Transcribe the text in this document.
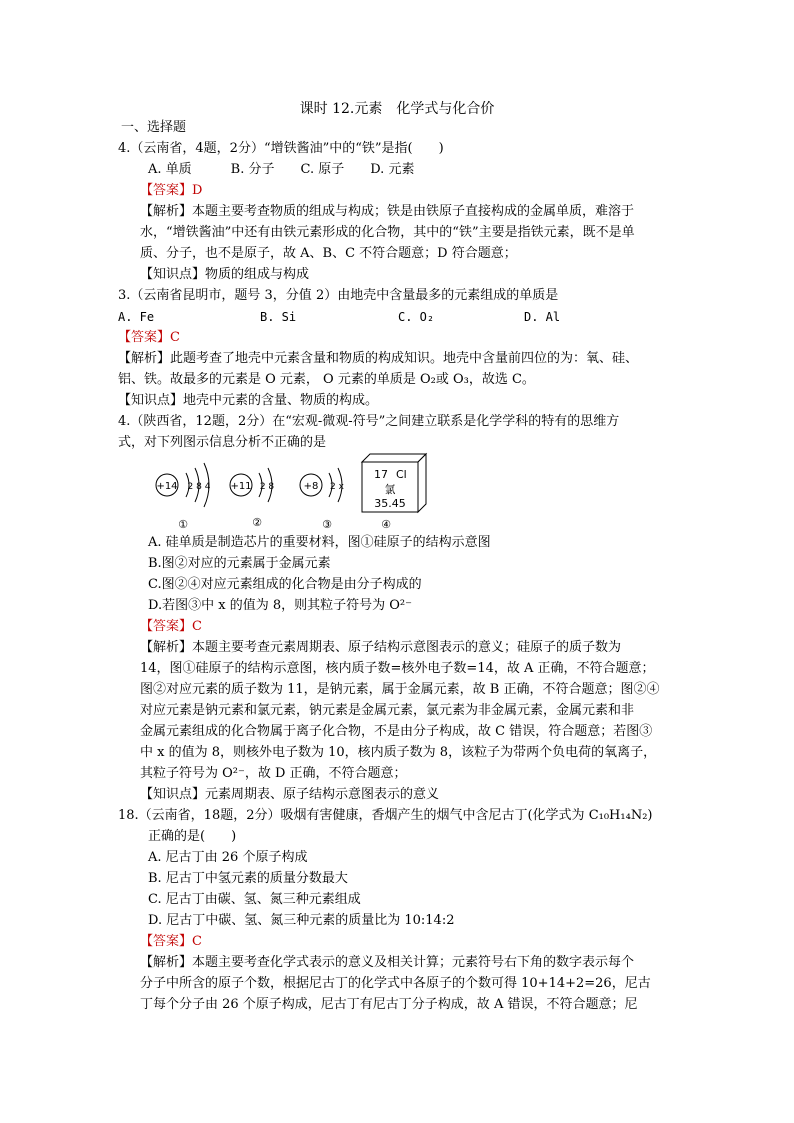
课时 12.元素　化学式与化合价
一、选择题
4.（云南省，4题，2分）“增铁酱油”中的“铁”是指(　　)
A. 单质　　　B. 分子　　C. 原子　　D. 元素
【答案】D
【解析】本题主要考查物质的组成与构成；铁是由铁原子直接构成的金属单质，难溶于
水，“增铁酱油”中还有由铁元素形成的化合物，其中的“铁”主要是指铁元素，既不是单
质、分子，也不是原子，故 A、B、C 不符合题意；D 符合题意；
【知识点】物质的组成与构成
3.（云南省昆明市，题号 3，分值 2）由地壳中含量最多的元素组成的单质是
A. Fe	B. Si	C. O₂	D. Al
【答案】C
【解析】此题考查了地壳中元素含量和物质的构成知识。地壳中含量前四位的为：氧、硅、
铝、铁。故最多的元素是 O 元素， O 元素的单质是 O₂或 O₃，故选 C。
【知识点】地壳中元素的含量、物质的构成。
4.（陕西省，12题，2分）在“宏观-微观-符号”之间建立联系是化学学科的特有的思维方
式，对下列图示信息分析不正确的是
+14 2 8 4 +11 2 8	+8 2 x
17 Cl
氯
35.45
①	②	③	④
A. 硅单质是制造芯片的重要材料，图①硅原子的结构示意图
B.图②对应的元素属于金属元素
C.图②④对应元素组成的化合物是由分子构成的
D.若图③中 x 的值为 8，则其粒子符号为 O²⁻
【答案】C
【解析】本题主要考查元素周期表、原子结构示意图表示的意义；硅原子的质子数为
14，图①硅原子的结构示意图，核内质子数=核外电子数=14，故 A 正确，不符合题意；
图②对应元素的质子数为 11，是钠元素，属于金属元素，故 B 正确，不符合题意；图②④
对应元素是钠元素和氯元素，钠元素是金属元素，氯元素为非金属元素，金属元素和非
金属元素组成的化合物属于离子化合物，不是由分子构成，故 C 错误，符合题意；若图③
中 x 的值为 8，则核外电子数为 10，核内质子数为 8，该粒子为带两个负电荷的氧离子，
其粒子符号为 O²⁻，故 D 正确，不符合题意；
【知识点】元素周期表、原子结构示意图表示的意义
18.（云南省，18题，2分）吸烟有害健康，香烟产生的烟气中含尼古丁(化学式为 C₁₀H₁₄N₂)
正确的是(　　)
A. 尼古丁由 26 个原子构成
B. 尼古丁中氢元素的质量分数最大
C. 尼古丁由碳、氢、氮三种元素组成
D. 尼古丁中碳、氢、氮三种元素的质量比为 10:14:2
【答案】C
【解析】本题主要考查化学式表示的意义及相关计算；元素符号右下角的数字表示每个
分子中所含的原子个数，根据尼古丁的化学式中各原子的个数可得 10+14+2=26，尼古
丁每个分子由 26 个原子构成，尼古丁有尼古丁分子构成，故 A 错误，不符合题意；尼
